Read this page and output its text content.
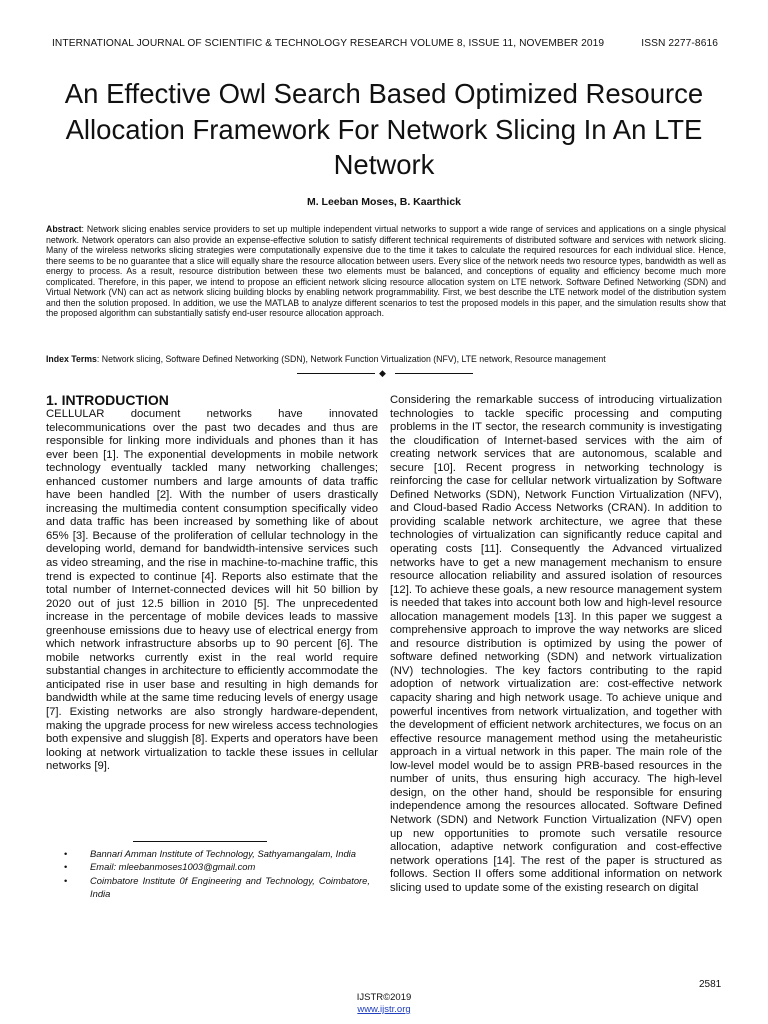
INTERNATIONAL JOURNAL OF SCIENTIFIC & TECHNOLOGY RESEARCH VOLUME 8, ISSUE 11, NOVEMBER 2019	ISSN 2277-8616
An Effective Owl Search Based Optimized Resource Allocation Framework For Network Slicing In An LTE Network
M. Leeban Moses, B. Kaarthick

Abstract: Network slicing enables service providers to set up multiple independent virtual networks to support a wide range of services and applications on a single physical network. Network operators can also provide an expense-effective solution to satisfy different technical requirements of distributed software and services with network slicing. Many of the wireless networks slicing strategies were computationally expensive due to the time it takes to calculate the required resources for each individual slice. Hence, there seems to be no guarantee that a slice will equally share the resource allocation between users. Every slice of the network needs two resource types, bandwidth as well as energy to process. As a result, resource distribution between these two elements must be balanced, and conceptions of equality and efficiency become much more complicated. Therefore, in this paper, we intend to propose an efficient network slicing resource allocation system on LTE network. Software Defined Networking (SDN) and Virtual Network (VN) can act as network slicing building blocks by enabling network programmability. First, we best describe the LTE network model of the distribution system and then the solution proposed. In addition, we use the MATLAB to analyze different scenarios to test the proposed models in this paper, and the simulation results show that the proposed algorithm can substantially satisfy end-user resource allocation approach.

Index Terms: Network slicing, Software Defined Networking (SDN), Network Function Virtualization (NFV), LTE network, Resource management

◆
1. INTRODUCTION

CELLULAR document networks have innovated telecommunications over the past two decades and thus are responsible for linking more individuals and phones than it has ever been [1]. The exponential developments in mobile network technology eventually tackled many networking challenges; enhanced customer numbers and large amounts of data traffic have been handled [2]. With the number of users drastically increasing the multimedia content consumption specifically video and data traffic has been increased by something like of about 65% [3]. Because of the proliferation of cellular technology in the developing world, demand for bandwidth-intensive services such as video streaming, and the rise in machine-to-machine traffic, this trend is expected to continue [4]. Reports also estimate that the total number of Internet-connected devices will hit 50 billion by 2020 out of just 12.5 billion in 2010 [5]. The unprecedented increase in the percentage of mobile devices leads to massive greenhouse emissions due to heavy use of electrical energy from which network infrastructure absorbs up to 90 percent [6]. The mobile networks currently exist in the real world require substantial changes in architecture to efficiently accommodate the anticipated rise in user base and resulting in high demands for bandwidth while at the same time reducing levels of energy usage [7]. Existing networks are also strongly hardware-dependent, making the upgrade process for new wireless access technologies both expensive and sluggish [8]. Experts and operators have been looking at network virtualization to tackle these issues in cellular networks [9].

• Bannari Amman Institute of Technology, Sathyamangalam, India
• Email: mleebanmoses1003@gmail.com
• Coimbatore Institute 0f Engineering and Technology, Coimbatore, India

Considering the remarkable success of introducing virtualization technologies to tackle specific processing and computing problems in the IT sector, the research community is investigating the cloudification of Internet-based services with the aim of creating network services that are autonomous, scalable and secure [10]. Recent progress in networking technology is reinforcing the case for cellular network virtualization by Software Defined Networks (SDN), Network Function Virtualization (NFV), and Cloud-based Radio Access Networks (CRAN). In addition to providing scalable network architecture, we agree that these technologies of virtualization can significantly reduce capital and operating costs [11]. Consequently the Advanced virtualized networks have to get a new management mechanism to ensure resource allocation reliability and assured isolation of resources [12]. To achieve these goals, a new resource management system is needed that takes into account both low and high-level resource allocation management models [13]. In this paper we suggest a comprehensive approach to improve the way networks are sliced and resource distribution is optimized by using the power of software defined networking (SDN) and network virtualization (NV) technologies. The key factors contributing to the rapid adoption of network virtualization are: cost-effective network capacity sharing and high network usage. To achieve unique and powerful incentives from network virtualization, and together with the development of efficient network architectures, we focus on an effective resource management method using the metaheuristic approach in a virtual network in this paper. The main role of the low-level model would be to assign PRB-based resources in the number of units, thus ensuring high accuracy. The high-level design, on the other hand, should be responsible for ensuring independence among the resources allocated. Software Defined Network (SDN) and Network Function Virtualization (NFV) open up new opportunities to promote such versatile resource allocation, adaptive network configuration and cost-effective network operations [14]. The rest of the paper is structured as follows. Section II offers some additional information on network slicing used to update some of the existing research on digital

2581
IJSTR©2019
www.ijstr.org
